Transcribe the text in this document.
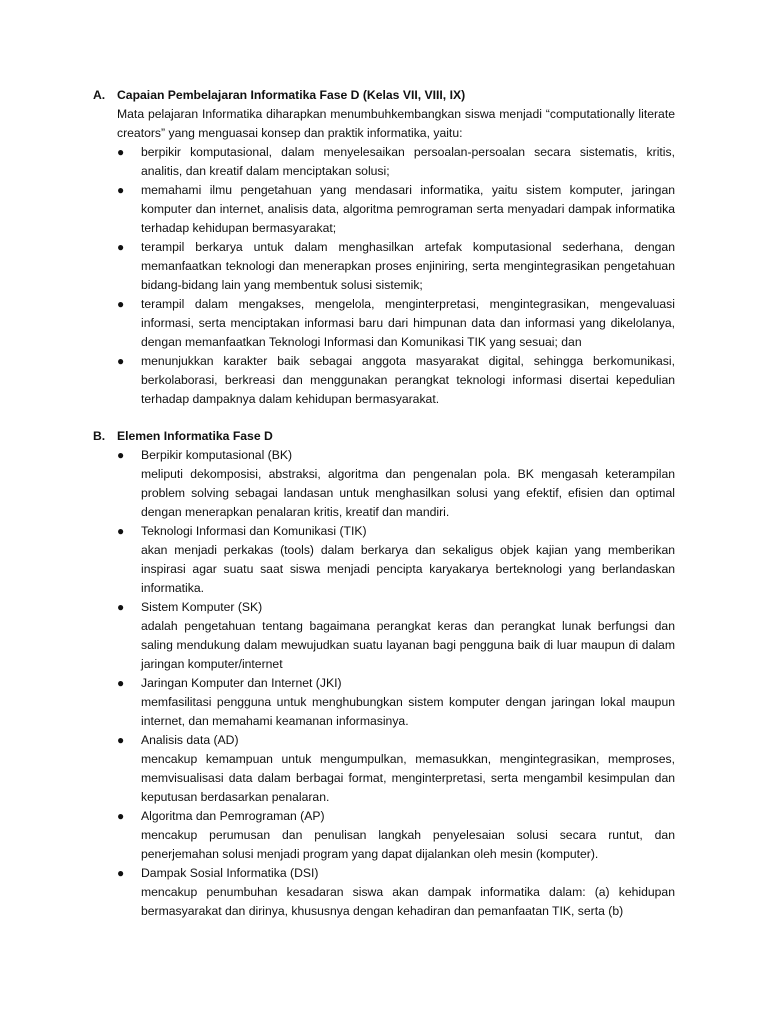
A. Capaian Pembelajaran Informatika Fase D (Kelas VII, VIII, IX)
Mata pelajaran Informatika diharapkan menumbuhkembangkan siswa menjadi “computationally literate creators” yang menguasai konsep dan praktik informatika, yaitu:
●	berpikir komputasional, dalam menyelesaikan persoalan-persoalan secara sistematis, kritis, analitis, dan kreatif dalam menciptakan solusi;
●	memahami ilmu pengetahuan yang mendasari informatika, yaitu sistem komputer, jaringan komputer dan internet, analisis data, algoritma pemrograman serta menyadari dampak informatika terhadap kehidupan bermasyarakat;
●	terampil berkarya untuk dalam menghasilkan artefak komputasional sederhana, dengan memanfaatkan teknologi dan menerapkan proses enjiniring, serta mengintegrasikan pengetahuan bidang-bidang lain yang membentuk solusi sistemik;
●	terampil dalam mengakses, mengelola, menginterpretasi, mengintegrasikan, mengevaluasi informasi, serta menciptakan informasi baru dari himpunan data dan informasi yang dikelolanya, dengan memanfaatkan Teknologi Informasi dan Komunikasi TIK yang sesuai; dan
●	menunjukkan karakter baik sebagai anggota masyarakat digital, sehingga berkomunikasi, berkolaborasi, berkreasi dan menggunakan perangkat teknologi informasi disertai kepedulian terhadap dampaknya dalam kehidupan bermasyarakat.
B. Elemen Informatika Fase D
●	Berpikir komputasional (BK)
meliputi dekomposisi, abstraksi, algoritma dan pengenalan pola. BK mengasah keterampilan problem solving sebagai landasan untuk menghasilkan solusi yang efektif, efisien dan optimal dengan menerapkan penalaran kritis, kreatif dan mandiri.
●	Teknologi Informasi dan Komunikasi (TIK)
akan menjadi perkakas (tools) dalam berkarya dan sekaligus objek kajian yang memberikan inspirasi agar suatu saat siswa menjadi pencipta karyakarya berteknologi yang berlandaskan informatika.
●	Sistem Komputer (SK)
adalah pengetahuan tentang bagaimana perangkat keras dan perangkat lunak berfungsi dan saling mendukung dalam mewujudkan suatu layanan bagi pengguna baik di luar maupun di dalam jaringan komputer/internet
●	Jaringan Komputer dan Internet (JKI)
memfasilitasi pengguna untuk menghubungkan sistem komputer dengan jaringan lokal maupun internet, dan memahami keamanan informasinya.
●	Analisis data (AD)
mencakup kemampuan untuk mengumpulkan, memasukkan, mengintegrasikan, memproses, memvisualisasi data dalam berbagai format, menginterpretasi, serta mengambil kesimpulan dan keputusan berdasarkan penalaran.
●	Algoritma dan Pemrograman (AP)
mencakup perumusan dan penulisan langkah penyelesaian solusi secara runtut, dan penerjemahan solusi menjadi program yang dapat dijalankan oleh mesin (komputer).
●	Dampak Sosial Informatika (DSI)
mencakup penumbuhan kesadaran siswa akan dampak informatika dalam: (a) kehidupan bermasyarakat dan dirinya, khususnya dengan kehadiran dan pemanfaatan TIK, serta (b)
